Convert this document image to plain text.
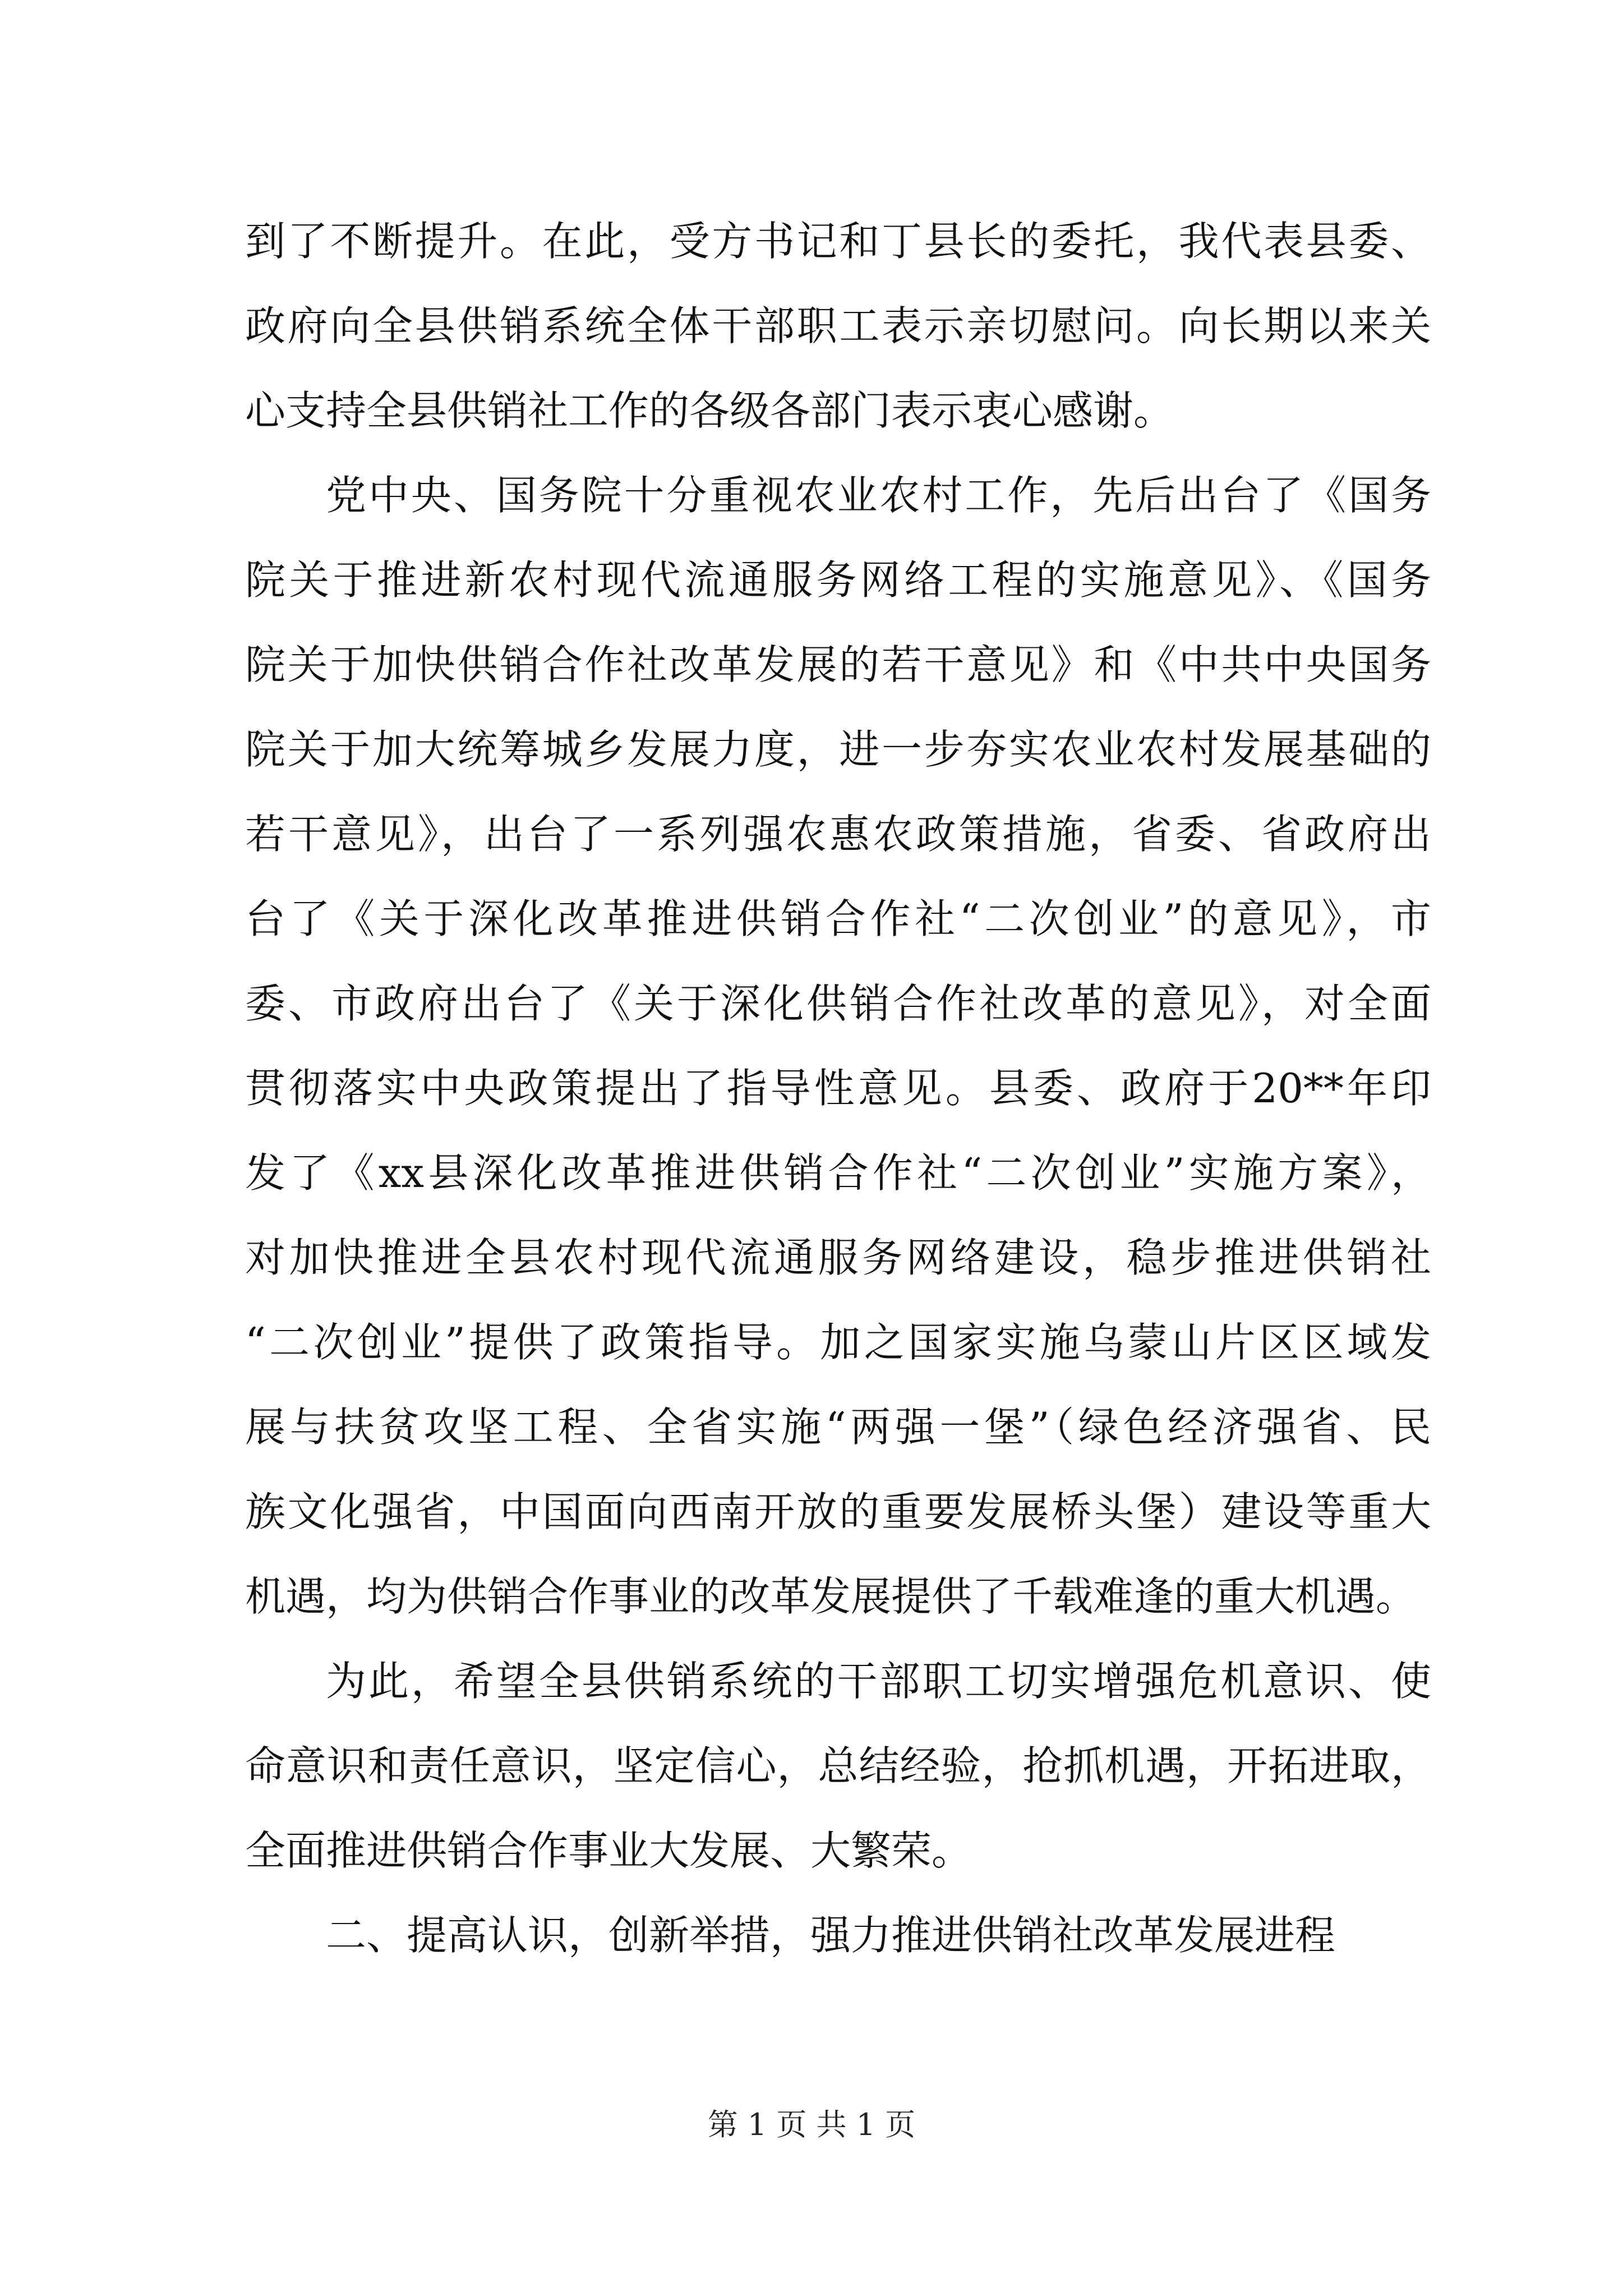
到了不断提升。在此，受方书记和丁县长的委托，我代表县委、
政府向全县供销系统全体干部职工表示亲切慰问。向长期以来关
心支持全县供销社工作的各级各部门表示衷心感谢。
党中央、国务院十分重视农业农村工作，先后出台了《国务
院关于推进新农村现代流通服务网络工程的实施意见》、《国务
院关于加快供销合作社改革发展的若干意见》和《中共中央国务
院关于加大统筹城乡发展力度，进一步夯实农业农村发展基础的
若干意见》，出台了一系列强农惠农政策措施，省委、省政府出
台了《关于深化改革推进供销合作社“二次创业”的意见》，市
委、市政府出台了《关于深化供销合作社改革的意见》，对全面
贯彻落实中央政策提出了指导性意见。县委、政府于20**年印
发了《xx县深化改革推进供销合作社“二次创业”实施方案》，
对加快推进全县农村现代流通服务网络建设，稳步推进供销社
“二次创业”提供了政策指导。加之国家实施乌蒙山片区区域发
展与扶贫攻坚工程、全省实施“两强一堡”（绿色经济强省、民
族文化强省，中国面向西南开放的重要发展桥头堡）建设等重大
机遇，均为供销合作事业的改革发展提供了千载难逢的重大机遇。
为此，希望全县供销系统的干部职工切实增强危机意识、使
命意识和责任意识，坚定信心，总结经验，抢抓机遇，开拓进取，
全面推进供销合作事业大发展、大繁荣。
二、提高认识，创新举措，强力推进供销社改革发展进程
第 1 页 共 1 页
